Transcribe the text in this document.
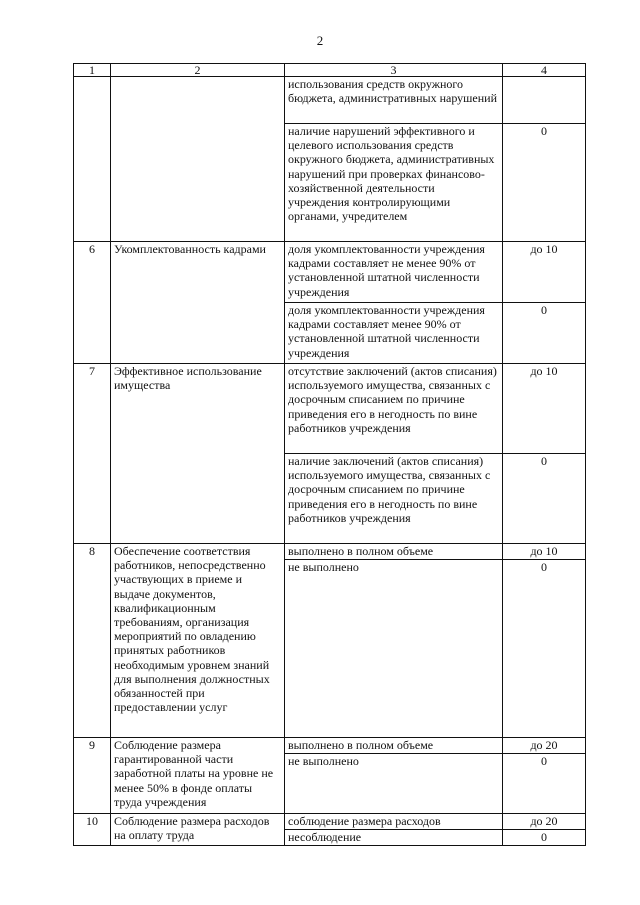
2
1	2	3	4
		использования средств окружного бюджета, административных нарушений	
		наличие нарушений эффективного и целевого использования средств окружного бюджета, административных нарушений при проверках финансово-хозяйственной деятельности учреждения контролирующими органами, учредителем	0
6	Укомплектованность кадрами	доля укомплектованности учреждения кадрами составляет не менее 90% от установленной штатной численности учреждения	до 10
		доля укомплектованности учреждения кадрами составляет менее 90% от установленной штатной численности учреждения	0
7	Эффективное использование имущества	отсутствие заключений (актов списания) используемого имущества, связанных с досрочным списанием по причине приведения его в негодность по вине работников учреждения	до 10
		наличие заключений (актов списания) используемого имущества, связанных с досрочным списанием по причине приведения его в негодность по вине работников учреждения	0
8	Обеспечение соответствия работников, непосредственно участвующих в приеме и выдаче документов, квалификационным требованиям, организация мероприятий по овладению принятых работников необходимым уровнем знаний для выполнения должностных обязанностей при предоставлении услуг	выполнено в полном объеме	до 10
		не выполнено	0
9	Соблюдение размера гарантированной части заработной платы на уровне не менее 50% в фонде оплаты труда учреждения	выполнено в полном объеме	до 20
		не выполнено	0
10	Соблюдение размера расходов на оплату труда	соблюдение размера расходов	до 20
		несоблюдение	0
